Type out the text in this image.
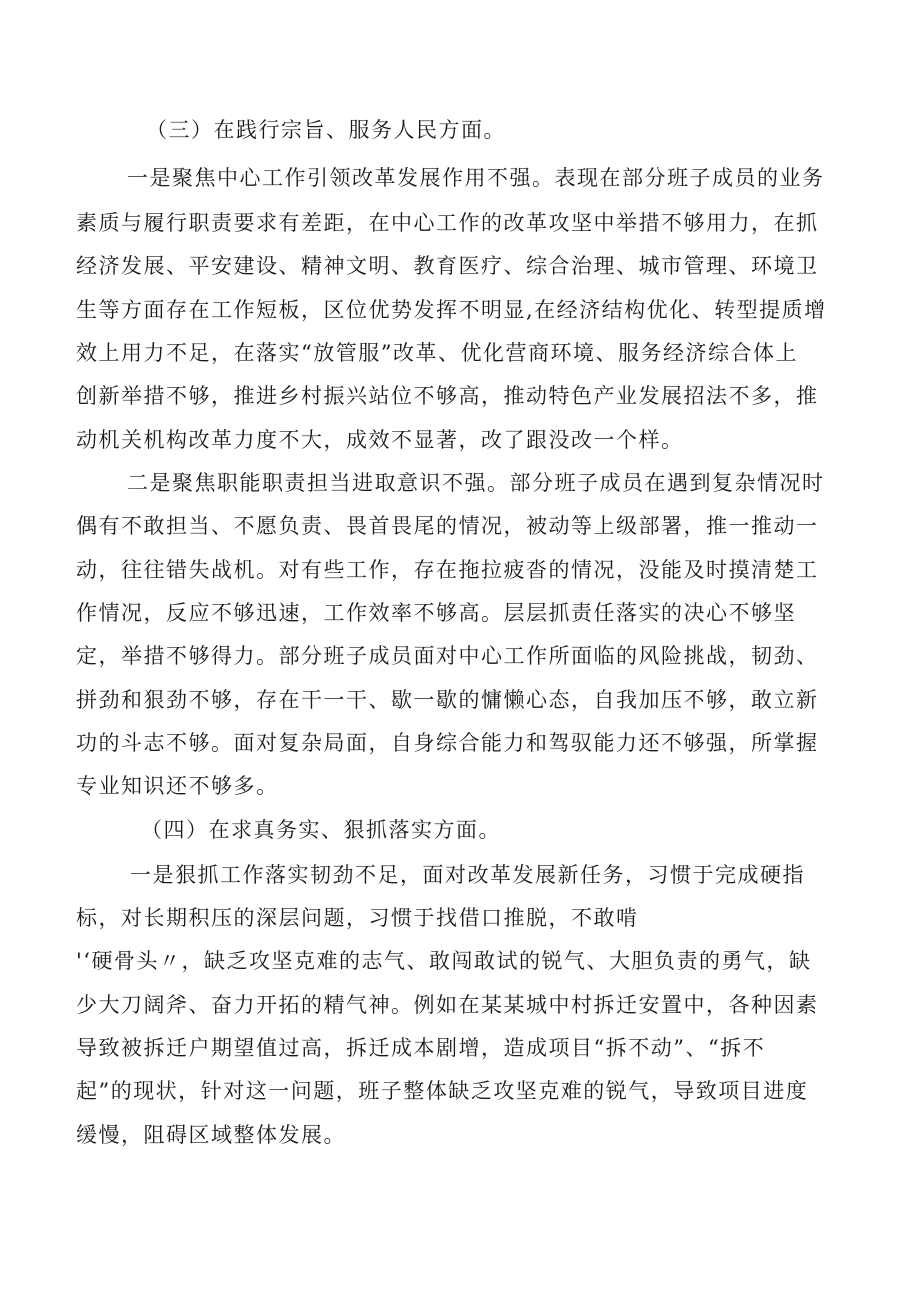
（三）在践行宗旨、服务人民方面。
一是聚焦中心工作引领改革发展作用不强。表现在部分班子成员的业务
素质与履行职责要求有差距，在中心工作的改革攻坚中举措不够用力，在抓
经济发展、平安建设、精神文明、教育医疗、综合治理、城市管理、环境卫
生等方面存在工作短板，区位优势发挥不明显,在经济结构优化、转型提质增
效上用力不足，在落实“放管服”改革、优化营商环境、服务经济综合体上
创新举措不够，推进乡村振兴站位不够高，推动特色产业发展招法不多，推
动机关机构改革力度不大，成效不显著，改了跟没改一个样。
二是聚焦职能职责担当进取意识不强。部分班子成员在遇到复杂情况时
偶有不敢担当、不愿负责、畏首畏尾的情况，被动等上级部署，推一推动一
动，往往错失战机。对有些工作，存在拖拉疲沓的情况，没能及时摸清楚工
作情况，反应不够迅速，工作效率不够高。层层抓责任落实的决心不够坚
定，举措不够得力。部分班子成员面对中心工作所面临的风险挑战，韧劲、
拼劲和狠劲不够，存在干一干、歇一歇的慵懒心态，自我加压不够，敢立新
功的斗志不够。面对复杂局面，自身综合能力和驾驭能力还不够强，所掌握
专业知识还不够多。
（四）在求真务实、狠抓落实方面。
一是狠抓工作落实韧劲不足，面对改革发展新任务，习惯于完成硬指
标，对长期积压的深层问题，习惯于找借口推脱，不敢啃
'‘硬骨头〃，缺乏攻坚克难的志气、敢闯敢试的锐气、大胆负责的勇气，缺
少大刀阔斧、奋力开拓的精气神。例如在某某城中村拆迁安置中，各种因素
导致被拆迁户期望值过高，拆迁成本剧增，造成项目“拆不动”、“拆不
起”的现状，针对这一问题，班子整体缺乏攻坚克难的锐气，导致项目进度
缓慢，阻碍区域整体发展。
